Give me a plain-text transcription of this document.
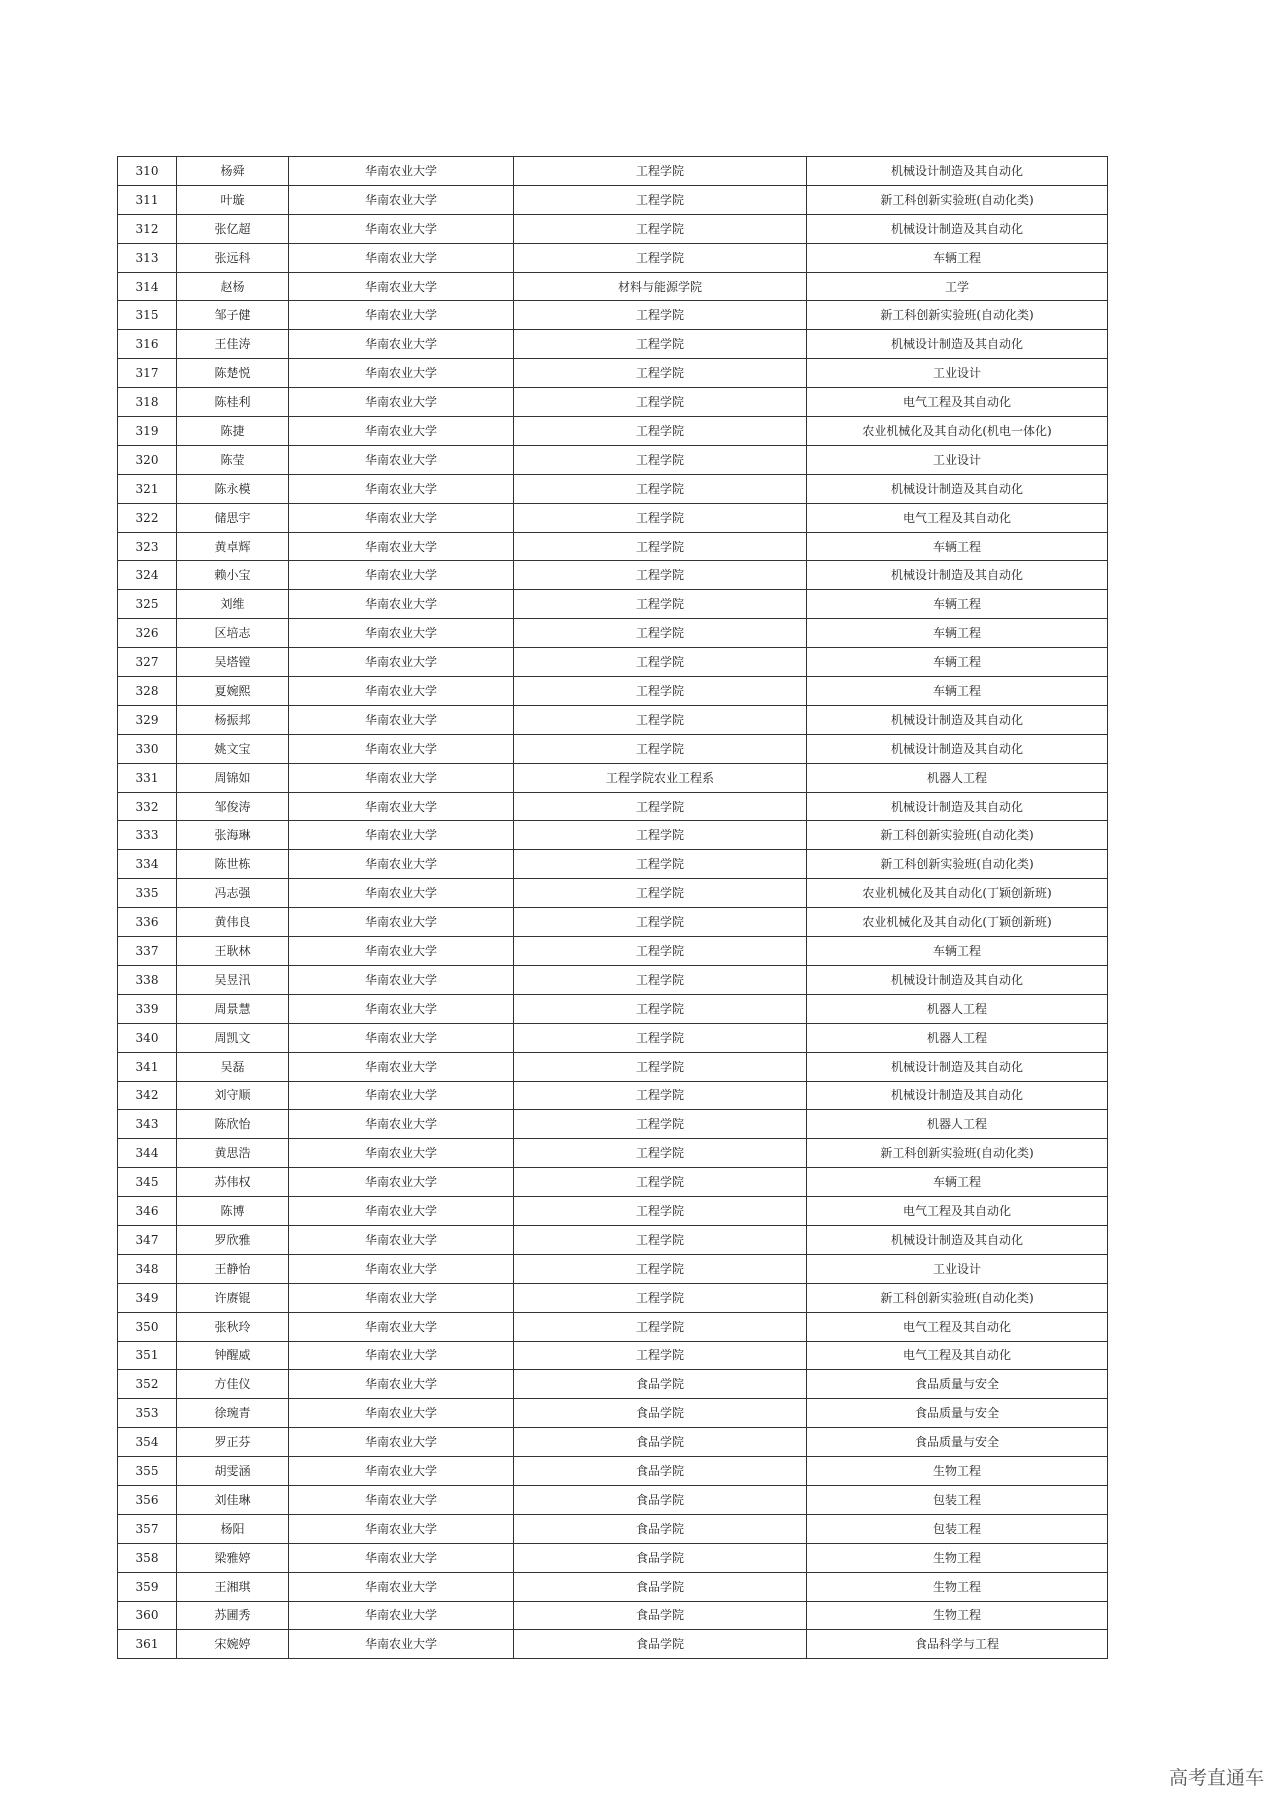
310	杨舜	华南农业大学	工程学院	机械设计制造及其自动化
311	叶璇	华南农业大学	工程学院	新工科创新实验班(自动化类)
312	张亿超	华南农业大学	工程学院	机械设计制造及其自动化
313	张远科	华南农业大学	工程学院	车辆工程
314	赵杨	华南农业大学	材料与能源学院	工学
315	邹子健	华南农业大学	工程学院	新工科创新实验班(自动化类)
316	王佳涛	华南农业大学	工程学院	机械设计制造及其自动化
317	陈楚悦	华南农业大学	工程学院	工业设计
318	陈桂利	华南农业大学	工程学院	电气工程及其自动化
319	陈捷	华南农业大学	工程学院	农业机械化及其自动化(机电一体化)
320	陈莹	华南农业大学	工程学院	工业设计
321	陈永模	华南农业大学	工程学院	机械设计制造及其自动化
322	储思宇	华南农业大学	工程学院	电气工程及其自动化
323	黄卓辉	华南农业大学	工程学院	车辆工程
324	赖小宝	华南农业大学	工程学院	机械设计制造及其自动化
325	刘维	华南农业大学	工程学院	车辆工程
326	区培志	华南农业大学	工程学院	车辆工程
327	吴塔镗	华南农业大学	工程学院	车辆工程
328	夏婉熙	华南农业大学	工程学院	车辆工程
329	杨振邦	华南农业大学	工程学院	机械设计制造及其自动化
330	姚文宝	华南农业大学	工程学院	机械设计制造及其自动化
331	周锦如	华南农业大学	工程学院农业工程系	机器人工程
332	邹俊涛	华南农业大学	工程学院	机械设计制造及其自动化
333	张海琳	华南农业大学	工程学院	新工科创新实验班(自动化类)
334	陈世栋	华南农业大学	工程学院	新工科创新实验班(自动化类)
335	冯志强	华南农业大学	工程学院	农业机械化及其自动化(丁颖创新班)
336	黄伟良	华南农业大学	工程学院	农业机械化及其自动化(丁颖创新班)
337	王耿林	华南农业大学	工程学院	车辆工程
338	吴昱汛	华南农业大学	工程学院	机械设计制造及其自动化
339	周景慧	华南农业大学	工程学院	机器人工程
340	周凯文	华南农业大学	工程学院	机器人工程
341	吴磊	华南农业大学	工程学院	机械设计制造及其自动化
342	刘守顺	华南农业大学	工程学院	机械设计制造及其自动化
343	陈欣怡	华南农业大学	工程学院	机器人工程
344	黄思浩	华南农业大学	工程学院	新工科创新实验班(自动化类)
345	苏伟权	华南农业大学	工程学院	车辆工程
346	陈博	华南农业大学	工程学院	电气工程及其自动化
347	罗欣雅	华南农业大学	工程学院	机械设计制造及其自动化
348	王静怡	华南农业大学	工程学院	工业设计
349	许赓锟	华南农业大学	工程学院	新工科创新实验班(自动化类)
350	张秋玲	华南农业大学	工程学院	电气工程及其自动化
351	钟醒威	华南农业大学	工程学院	电气工程及其自动化
352	方佳仪	华南农业大学	食品学院	食品质量与安全
353	徐琬青	华南农业大学	食品学院	食品质量与安全
354	罗正芬	华南农业大学	食品学院	食品质量与安全
355	胡雯涵	华南农业大学	食品学院	生物工程
356	刘佳琳	华南农业大学	食品学院	包装工程
357	杨阳	华南农业大学	食品学院	包装工程
358	梁雅婷	华南农业大学	食品学院	生物工程
359	王湘琪	华南农业大学	食品学院	生物工程
360	苏圃秀	华南农业大学	食品学院	生物工程
361	宋婉婷	华南农业大学	食品学院	食品科学与工程
高考直通车
